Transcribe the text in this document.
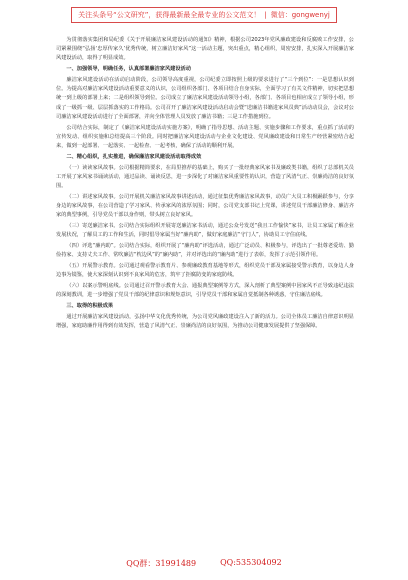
关注头条号“公文研究”，获得最新最全最专业的公文范文！ | 微信：gongwenyj

为贯彻落实集团和局纪委《关于开展廉洁家风建设活动的通知》精神，根据公司2023年党风廉政建设和反腐败工作安排，公司紧紧围绕“弘扬‘忠厚传家久’优秀传统，树立廉洁好家风”这一活动主题，突出重点，精心组织，周密安排，扎实深入开展廉洁家风建设活动，取得了明显成效。

一、加强领导，明确任务，认真部署廉洁家风建设活动

廉洁家风建设活动在活动启动阶段，公司领导高度重视，公司纪委立即按照上级的要求进行了“三个到位”：一是思想认识到位。为提高对廉洁家风建设活动重要意义的认识，公司组织各部门、各项目结合自身实际，全面学习了有关文件精神，切实把思想统一到上级的部署上来；二是组织领导到位。公司成立了廉洁家风建设活动领导小组，各部门、各项目也相应成立了领导小组，形成了一级抓一级、层层抓落实的工作格局。公司召开了廉洁家风建设活动启动会暨“送廉洁书籍进家风员典”活动动员会，会议对公司廉洁家风建设活动进行了全面部署，并向全体管理人员发放了廉洁书籍；三是工作措施到位。

公司结合实际，制定了《廉洁家风建设活动实施方案》，明确了指导思想、活动主题、实施步骤和工作要求，重点抓了活动的宣传发动、组织实施和总结提高三个阶段。同时把廉洁家风建设活动与企业文化建设、党风廉政建设和日常生产经营紧密结合起来，做到一起部署、一起落实、一起检查、一起考核，确保了活动的顺利开展。

二、精心组织，扎实推进，确保廉洁家风建设活动取得成效

（一）读读家风故事。公司根据精简要求，在局里推荐的基础上，购买了一批经典家风家书及廉政类书籍，组织了总部机关员工开展了家风家书诵读活动，通过品读、诵读反思，进一步深化了对廉洁家风重要性的认识，营造了风清气正、崇廉尚洁的良好氛围。

（二）讲述家风故事。公司开展机关廉洁家风故事讲述活动，通过征集优秀廉洁家风故事，动员广大员工积极踊跃参与，分享身边的家风故事，在公司营造了学习家风、传承家风的浓厚氛围；同时，公司党支部书记上党课，讲述党员干部廉洁修身、廉洁齐家的典型事例，引导党员干部以身作则，带头树立良好家风。

（三）寄送廉洁家书。公司结合实际组织开展寄送廉洁家书活动，通过公众号发送“我且工作愉快”家书，让员工家属了解企业发展状况，了解员工的工作和生活，同时倡导家属当好“廉内助”，做好家庭廉洁“守门人”，协助员工守住底线。

（四）评选“廉内助”。公司结合实际，组织开展了“廉内助”评选活动，通过广泛动员、积极参与，评选出了一批尊老爱幼、勤俭持家、支持丈夫工作、常吹廉洁“枕边风”的“廉内助”，并对评选出的“廉内助”进行了表彰，发挥了示范引领作用。

（五）开展警示教育。公司通过观看警示教育片、参观廉政教育基地等形式，组织党员干部及家属接受警示教育，以身边人身边事为镜鉴，使大家深刻认识到不良家风的危害，筑牢了拒腐防变的家庭防线。

（六）以案示警明底线。公司通过召开警示教育大会、通报典型案例等方式，深入剖析了典型案例中因家风不正导致违纪违法的深刻教训，进一步增强了党员干部的纪律意识和规矩意识，引导党员干部和家属自觉抵制各种诱惑，守住廉洁底线。

三、取得的积极成果

通过开展廉洁家风建设活动，弘扬中华文化优秀传统，为公司党风廉政建设注入了新的活力。公司全体员工廉洁自律意识明显增强，家庭助廉作用得到有效发挥，营造了风清气正、崇廉尚洁的良好氛围，为推动公司健康发展提供了坚强保障。

QQ群：31991489	QQ:535304092
